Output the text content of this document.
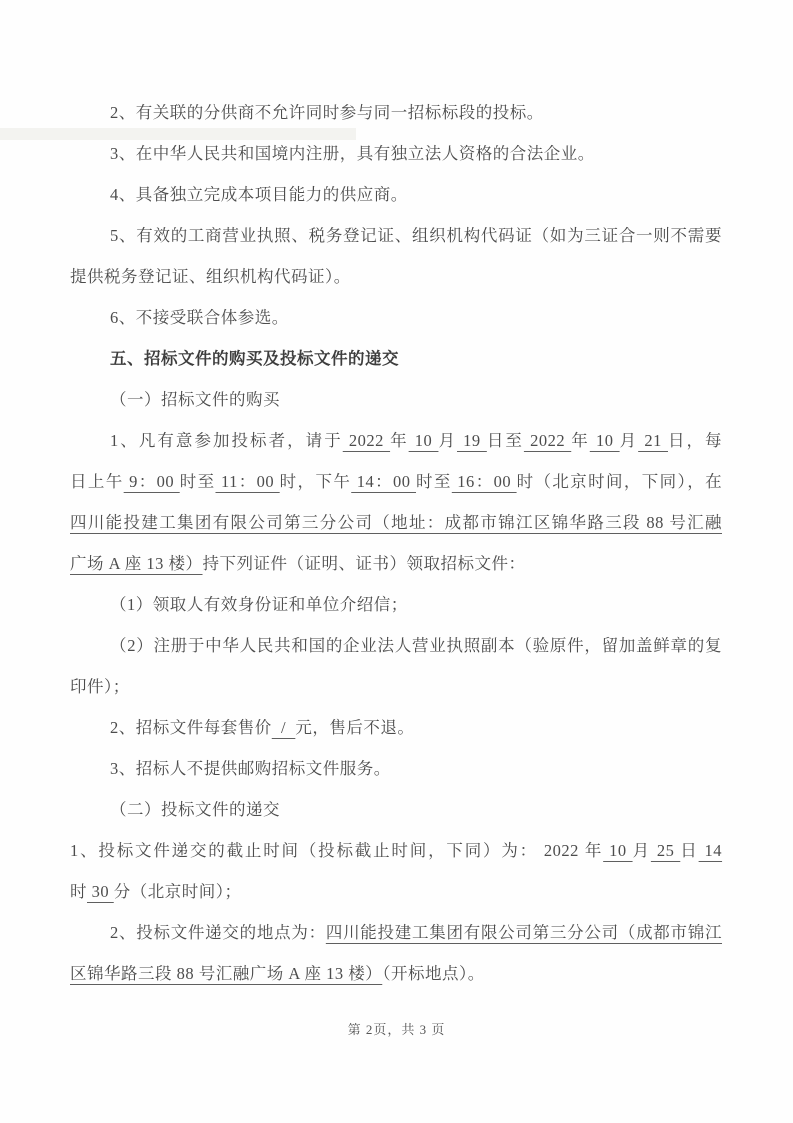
2、有关联的分供商不允许同时参与同一招标标段的投标。

3、在中华人民共和国境内注册，具有独立法人资格的合法企业。

4、具备独立完成本项目能力的供应商。

5、有效的工商营业执照、税务登记证、组织机构代码证（如为三证合一则不需要

提供税务登记证、组织机构代码证）。

6、不接受联合体参选。

五、招标文件的购买及投标文件的递交

（一）招标文件的购买

1、凡有意参加投标者，请于 2022 年 10 月 19 日至 2022 年 10 月 21 日，每

日上午 9：00 时至 11：00 时，下午 14：00 时至 16：00 时（北京时间，下同），在

四川能投建工集团有限公司第三分公司（地址：成都市锦江区锦华路三段 88 号汇融

广场 A 座 13 楼）持下列证件（证明、证书）领取招标文件：

（1）领取人有效身份证和单位介绍信；

（2）注册于中华人民共和国的企业法人营业执照副本（验原件，留加盖鲜章的复

印件）；

2、招标文件每套售价  /  元，售后不退。

3、招标人不提供邮购招标文件服务。

（二）投标文件的递交

1、投标文件递交的截止时间（投标截止时间，下同）为： 2022 年 10 月 25 日 14

时 30 分（北京时间）；

2、投标文件递交的地点为：四川能投建工集团有限公司第三分公司（成都市锦江

区锦华路三段 88 号汇融广场 A 座 13 楼）（开标地点）。

第 2页，共 3 页
